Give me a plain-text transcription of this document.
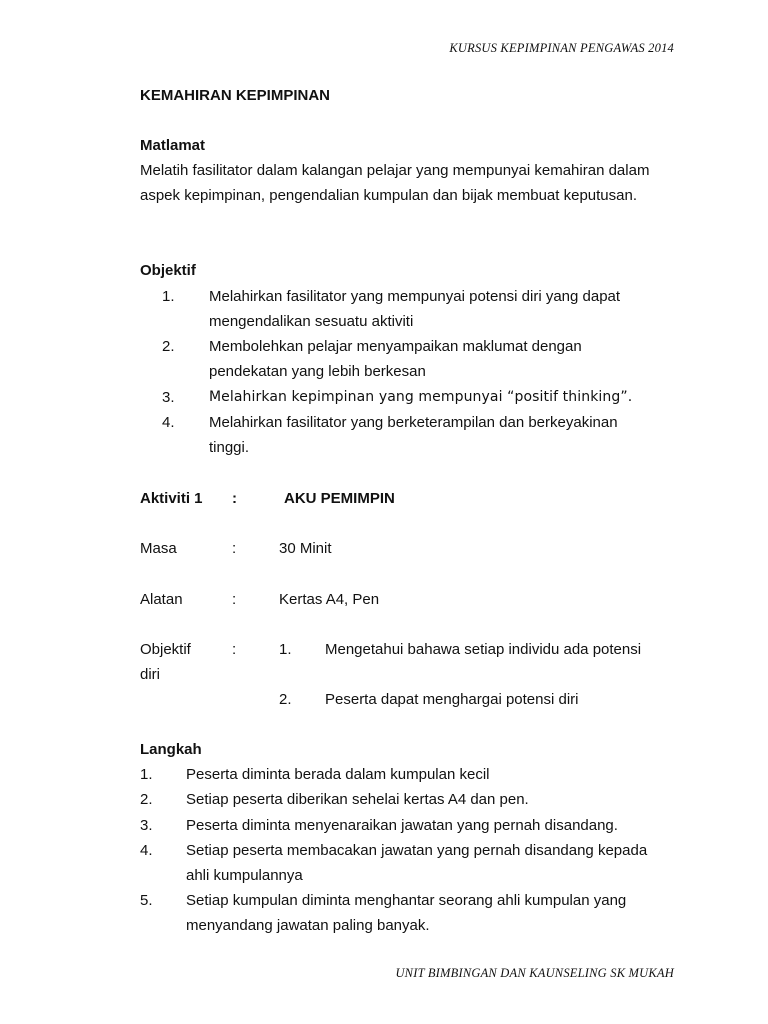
KURSUS KEPIMPINAN PENGAWAS 2014
KEMAHIRAN KEPIMPINAN
Matlamat
Melatih fasilitator dalam kalangan pelajar yang mempunyai kemahiran dalam
aspek kepimpinan, pengendalian kumpulan dan bijak membuat keputusan.
Objektif
1. Melahirkan fasilitator yang mempunyai potensi diri yang dapat
mengendalikan sesuatu aktiviti
2. Membolehkan pelajar menyampaikan maklumat dengan
pendekatan yang lebih berkesan
3. Melahirkan kepimpinan yang mempunyai “positif thinking”.
4. Melahirkan fasilitator yang berketerampilan dan berkeyakinan
tinggi.
Aktiviti 1 :	AKU PEMIMPIN
Masa	:	30 Minit
Alatan	:	Kertas A4, Pen
Objektif
diri
:	1. Mengetahui bahawa setiap individu ada potensi
2. Peserta dapat menghargai potensi diri
Langkah
1. Peserta diminta berada dalam kumpulan kecil
2. Setiap peserta diberikan sehelai kertas A4 dan pen.
3. Peserta diminta menyenaraikan jawatan yang pernah disandang.
4. Setiap peserta membacakan jawatan yang pernah disandang kepada
ahli kumpulannya
5. Setiap kumpulan diminta menghantar seorang ahli kumpulan yang
menyandang jawatan paling banyak.
UNIT BIMBINGAN DAN KAUNSELING SK MUKAH
